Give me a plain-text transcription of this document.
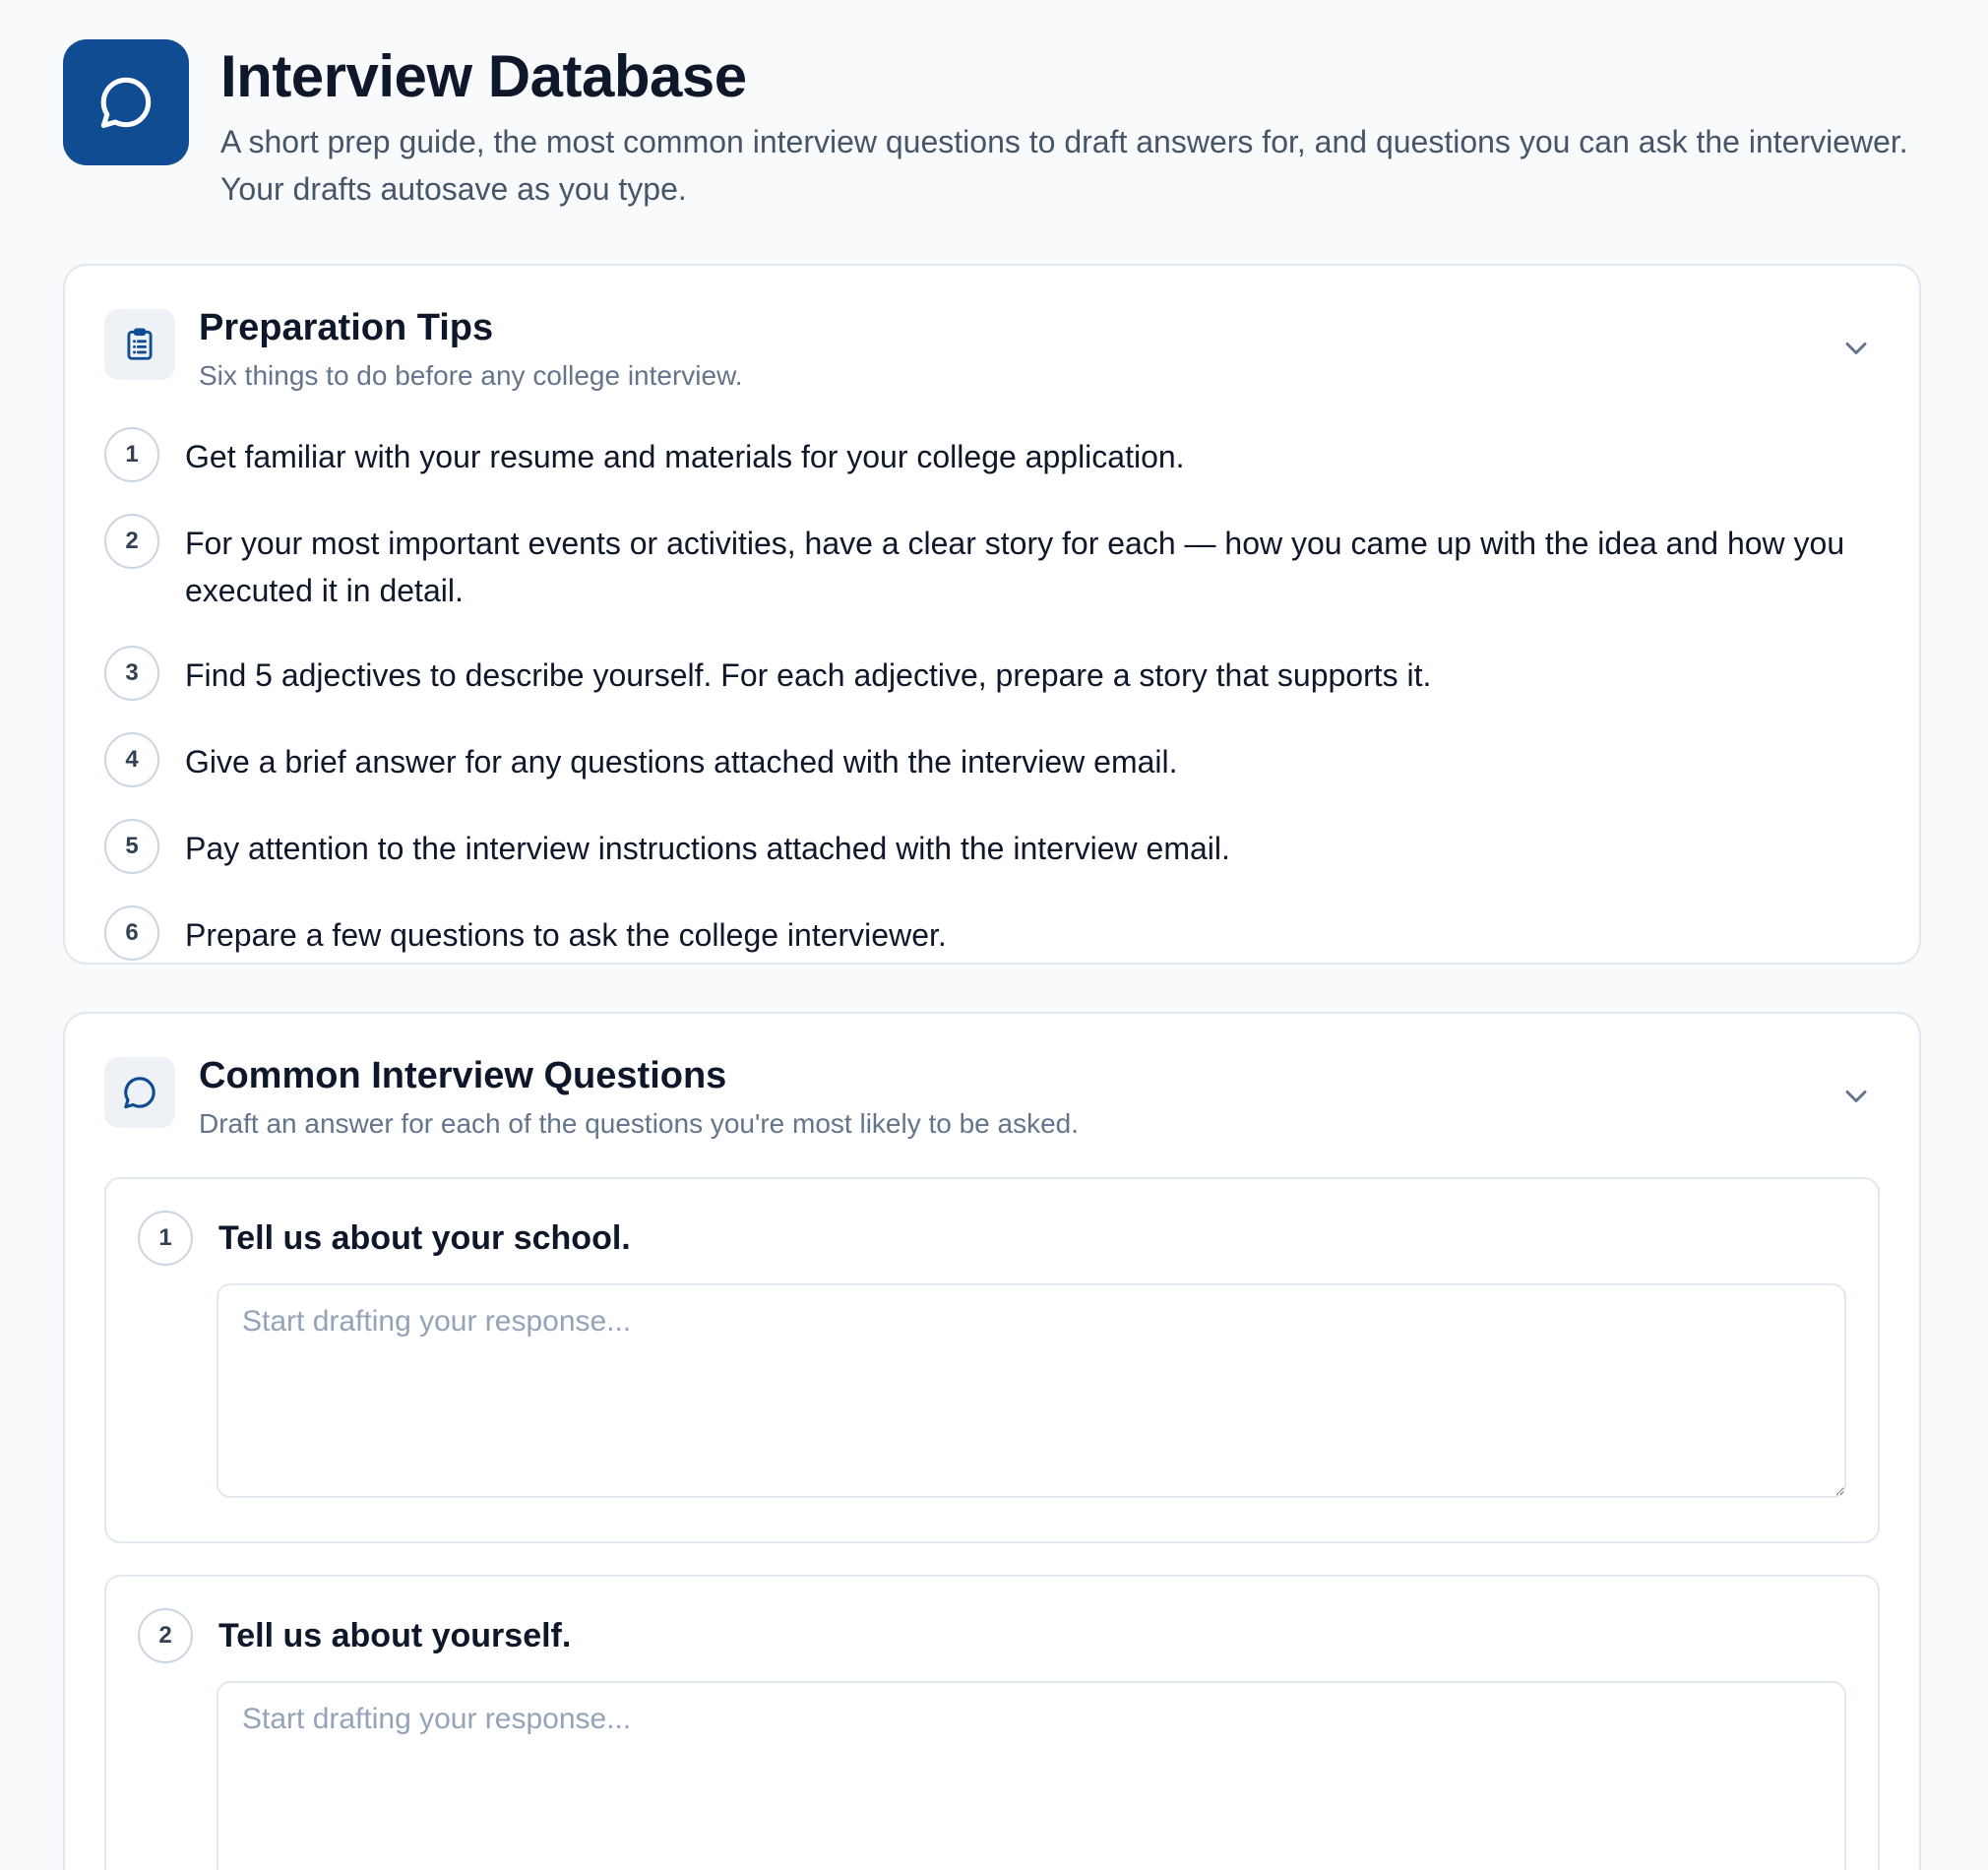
Interview Database

A short prep guide, the most common interview questions to draft answers for, and questions you can ask the interviewer. Your drafts autosave as you type.

Preparation Tips

Six things to do before any college interview.

1	Get familiar with your resume and materials for your college application.
2	For your most important events or activities, have a clear story for each — how you came up with the idea and how you executed it in detail.
3	Find 5 adjectives to describe yourself. For each adjective, prepare a story that supports it.
4	Give a brief answer for any questions attached with the interview email.
5	Pay attention to the interview instructions attached with the interview email.
6	Prepare a few questions to ask the college interviewer.
Common Interview Questions

Draft an answer for each of the questions you're most likely to be asked.

1	Tell us about your school.
Start drafting your response...
2	Tell us about yourself.
Start drafting your response...
